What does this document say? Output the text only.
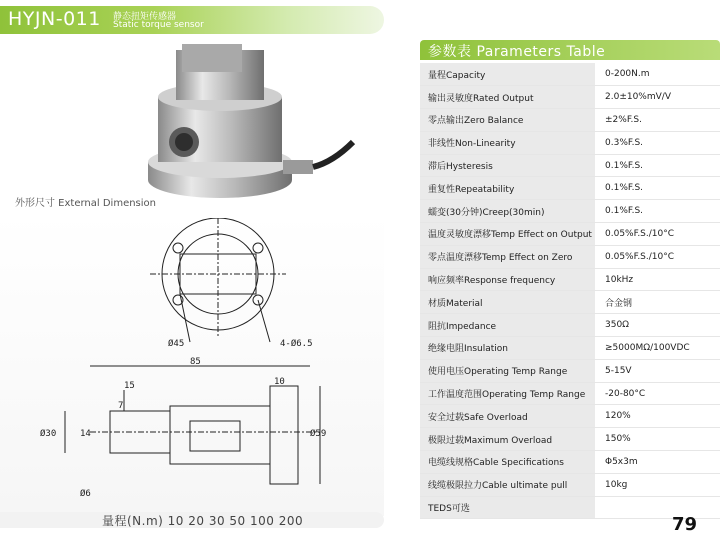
HYJN-011 静态扭矩传感器
Static torque sensor
外形尺寸 External Dimension
Ø45	4-Ø6.5
85
15	10
7
Ø30	14	Ø59
Ø6
量程(N.m) 10 20 30 50 100 200
参数表 Parameters Table
量程Capacity	0-200N.m
输出灵敏度Rated Output	2.0±10%mV/V
零点输出Zero Balance	±2%F.S.
非线性Non-Linearity	0.3%F.S.
滞后Hysteresis	0.1%F.S.
重复性Repeatability	0.1%F.S.
蠕变(30分钟)Creep(30min)	0.1%F.S.
温度灵敏度漂移Temp Effect on Output	0.05%F.S./10°C
零点温度漂移Temp Effect on Zero	0.05%F.S./10°C
响应频率Response frequency	10kHz
材质Material	合金钢
阻抗Impedance	350Ω
绝缘电阻Insulation	≥5000MΩ/100VDC
使用电压Operating Temp Range	5-15V
工作温度范围Operating Temp Range	-20-80°C
安全过载Safe Overload	120%
极限过载Maximum Overload	150%
电缆线规格Cable Specifications	Φ5x3m
线缆极限拉力Cable ultimate pull	10kg
TEDS可选	
79
